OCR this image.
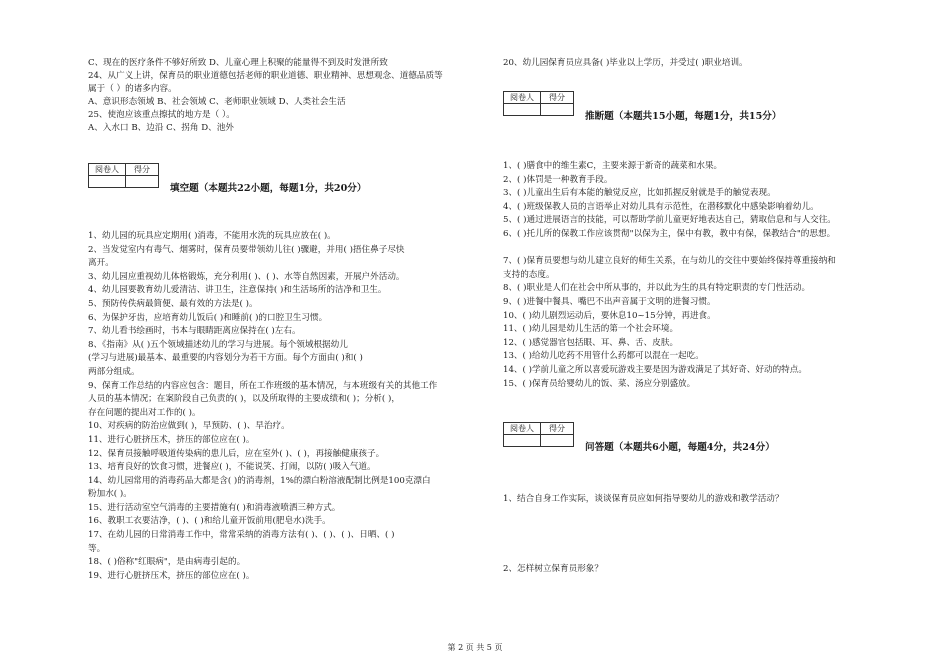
C、现在的医疗条件不够好所致 D、儿童心理上积聚的能量得不到及时发泄所致
24、从广义上讲，保育员的职业道德包括老师的职业道德、职业精神、思想观念、道德品质等
属于（ ）的诸多内容。
A、意识形态领域 B、社会领域 C、老师职业领域 D、人类社会生活
25、使泡应该重点擦拭的地方是（ ）。
A、入水口 B、边沿 C、拐角 D、池外
阅卷人	得分

填空题（本题共22小题，每题1分，共20分）
1、幼儿园的玩具应定期用( )消毒，不能用水洗的玩具应放在( )。
2、当发觉室内有毒气、烟雾时，保育员要带领幼儿往( )骤避，并用( )捂住鼻子尽快
离开。
3、幼儿园应重视幼儿体格锻炼，充分利用( )、( )、水等自然因素，开展户外活动。
4、幼儿园要教育幼儿爱清洁、讲卫生，注意保持( )和生活场所的洁净和卫生。
5、预防传佚病最简便、最有效的方法是( )。
6、为保护牙齿，应培育幼儿饭后( )和睡前( )的口腔卫生习惯。
7、幼儿看书绘画时，书本与眼睛距离应保持在( )左右。
8、《指南》从( )五个领域描述幼儿的学习与进展。每个领域根据幼儿
(学习与进展)最基本、最重要的内容划分为若干方面。每个方面由( )和( )
两部分组成。
9、保育工作总结的内容应包含：题目，所在工作班级的基本情况，与本班级有关的其他工作
人员的基本情况；在案阶段自己负责的( )，以及所取得的主要成绩和( )；分析( )，
存在问题的提出对工作的( )。
10、对疾病的防治应做到( )，早预防、( )、早治疗。
11、进行心脏挤压术，挤压的部位应在( )。
12、保育员接触呼吸道传染病的患儿后，应在室外( )、( )，再接触健康孩子。
13、培育良好的饮食习惯，进餐应( )，不能说笑、打闹，以防( )吸入气道。
14、幼儿园常用的消毒药品大都是含( )的消毒剂，1%的漂白粉溶液配制比例是100克漂白
粉加水( )。
15、进行活动室空气消毒的主要措施有( )和消毒液喷洒三种方式。
16、教职工衣要洁净，( )、( )和给儿童开饭前用(肥皂水)洗手。
17、在幼儿园的日常消毒工作中，常常采纳的消毒方法有( )、( )、( )、日晒、( )
等。
18、( )俗称"红眼病"，是由病毒引起的。
19、进行心脏挤压术，挤压的部位应在( )。
20、幼儿园保育员应具备( )毕业以上学历，并受过( )职业培训。
阅卷人	得分

推断题（本题共15小题，每题1分，共15分）
1、( )膳食中的维生素C，主要来源于新奇的蔬菜和水果。
2、( )体罚是一种教育手段。
3、( )儿童出生后有本能的触觉反应，比如抓握反射就是手的触觉表现。
4、( )班级保教人员的言语举止对幼儿具有示范性，在潜移默化中感染影响着幼儿。
5、( )通过进展语言的技能，可以帮助学前儿童更好地表达自己，猜取信息和与人交往。
6、( )托儿所的保教工作应该贯彻"以保为主，保中有教，教中有保，保教结合"的思想。
7、( )保育员要想与幼儿建立良好的师生关系，在与幼儿的交往中要始终保持尊重接纳和
支持的态度。
8、( )职业是人们在社会中所从事的，并以此为生的具有特定职责的专门性活动。
9、( )进餐中餐具、嘴巴不出声音属于文明的进餐习惯。
10、( )幼儿剧烈运动后，要休息10~15分钟，再进食。
11、( )幼儿园是幼儿生活的第一个社会环境。
12、( )感觉器官包括眼、耳、鼻、舌、皮肤。
13、( )给幼儿吃药不用管什么药都可以混在一起吃。
14、( )学前儿童之所以喜爱玩游戏主要是因为游戏满足了其好奇、好动的特点。
15、( )保育员给婴幼儿的饭、菜、汤应分别盛放。
阅卷人	得分

问答题（本题共6小题，每题4分，共24分）
1、结合自身工作实际，谈谈保育员应如何指导要幼儿的游戏和教学活动？
2、怎样树立保育员形象？
第 2 页 共 5 页
